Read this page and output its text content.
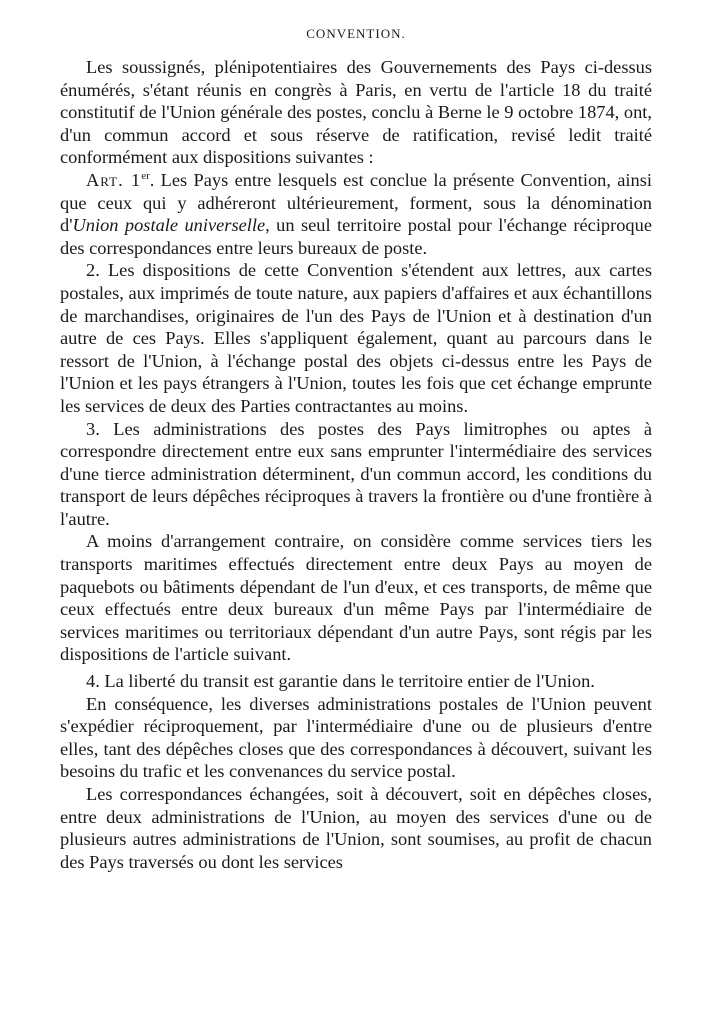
CONVENTION.

Les soussignés, plénipotentiaires des Gouvernements des Pays ci-dessus énumérés, s'étant réunis en congrès à Paris, en vertu de l'article 18 du traité constitutif de l'Union générale des postes, conclu à Berne le 9 octobre 1874, ont, d'un commun accord et sous réserve de ratification, revisé ledit traité conformément aux dispositions suivantes :

Art. 1er. Les Pays entre lesquels est conclue la présente Convention, ainsi que ceux qui y adhéreront ultérieurement, forment, sous la dénomination d'Union postale universelle, un seul territoire postal pour l'échange réciproque des correspondances entre leurs bureaux de poste.

2. Les dispositions de cette Convention s'étendent aux lettres, aux cartes postales, aux imprimés de toute nature, aux papiers d'affaires et aux échantillons de marchandises, originaires de l'un des Pays de l'Union et à destination d'un autre de ces Pays. Elles s'appliquent également, quant au parcours dans le ressort de l'Union, à l'échange postal des objets ci-dessus entre les Pays de l'Union et les pays étrangers à l'Union, toutes les fois que cet échange emprunte les services de deux des Parties contractantes au moins.

3. Les administrations des postes des Pays limitrophes ou aptes à correspondre directement entre eux sans emprunter l'intermédiaire des services d'une tierce administration déterminent, d'un commun accord, les conditions du transport de leurs dépêches réciproques à travers la frontière ou d'une frontière à l'autre.

A moins d'arrangement contraire, on considère comme services tiers les transports maritimes effectués directement entre deux Pays au moyen de paquebots ou bâtiments dépendant de l'un d'eux, et ces transports, de même que ceux effectués entre deux bureaux d'un même Pays par l'intermédiaire de services maritimes ou territoriaux dépendant d'un autre Pays, sont régis par les dispositions de l'article suivant.

4. La liberté du transit est garantie dans le territoire entier de l'Union.

En conséquence, les diverses administrations postales de l'Union peuvent s'expédier réciproquement, par l'intermédiaire d'une ou de plusieurs d'entre elles, tant des dépêches closes que des correspondances à découvert, suivant les besoins du trafic et les convenances du service postal.

Les correspondances échangées, soit à découvert, soit en dépêches closes, entre deux administrations de l'Union, au moyen des services d'une ou de plusieurs autres administrations de l'Union, sont soumises, au profit de chacun des Pays traversés ou dont les services
